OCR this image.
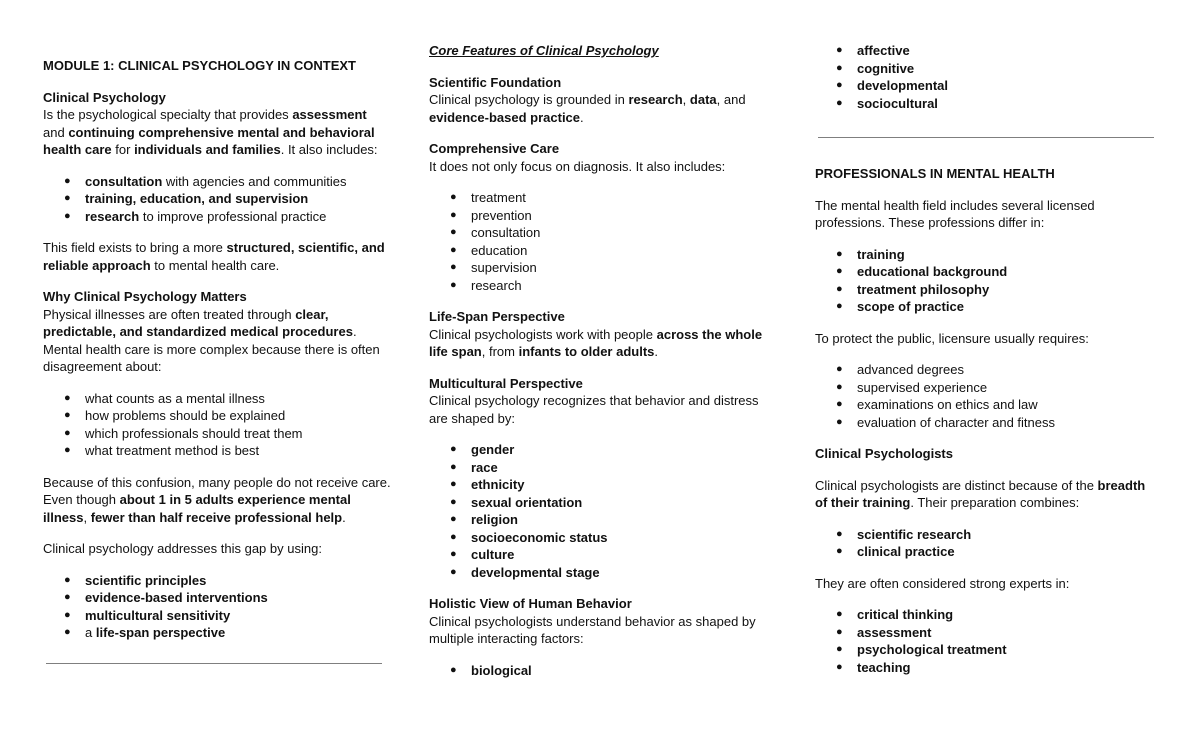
MODULE 1: CLINICAL PSYCHOLOGY IN CONTEXT

Clinical Psychology

Is the psychological specialty that provides assessment and continuing comprehensive mental and behavioral health care for individuals and families. It also includes:

● consultation with agencies and communities
● training, education, and supervision
● research to improve professional practice

This field exists to bring a more structured, scientific, and reliable approach to mental health care.

Why Clinical Psychology Matters

Physical illnesses are often treated through clear, predictable, and standardized medical procedures. Mental health care is more complex because there is often disagreement about:

● what counts as a mental illness
● how problems should be explained
● which professionals should treat them
● what treatment method is best

Because of this confusion, many people do not receive care. Even though about 1 in 5 adults experience mental illness, fewer than half receive professional help.

Clinical psychology addresses this gap by using:

● scientific principles
● evidence-based interventions
● multicultural sensitivity
● a life-span perspective

Core Features of Clinical Psychology

Scientific Foundation

Clinical psychology is grounded in research, data, and evidence-based practice.

Comprehensive Care

It does not only focus on diagnosis. It also includes:

● treatment
● prevention
● consultation
● education
● supervision
● research

Life-Span Perspective

Clinical psychologists work with people across the whole life span, from infants to older adults.

Multicultural Perspective

Clinical psychology recognizes that behavior and distress are shaped by:

● gender
● race
● ethnicity
● sexual orientation
● religion
● socioeconomic status
● culture
● developmental stage

Holistic View of Human Behavior

Clinical psychologists understand behavior as shaped by multiple interacting factors:

● biological
● affective
● cognitive
● developmental
● sociocultural

PROFESSIONALS IN MENTAL HEALTH

The mental health field includes several licensed professions. These professions differ in:

● training
● educational background
● treatment philosophy
● scope of practice

To protect the public, licensure usually requires:

● advanced degrees
● supervised experience
● examinations on ethics and law
● evaluation of character and fitness

Clinical Psychologists

Clinical psychologists are distinct because of the breadth of their training. Their preparation combines:

● scientific research
● clinical practice

They are often considered strong experts in:

● critical thinking
● assessment
● psychological treatment
● teaching
